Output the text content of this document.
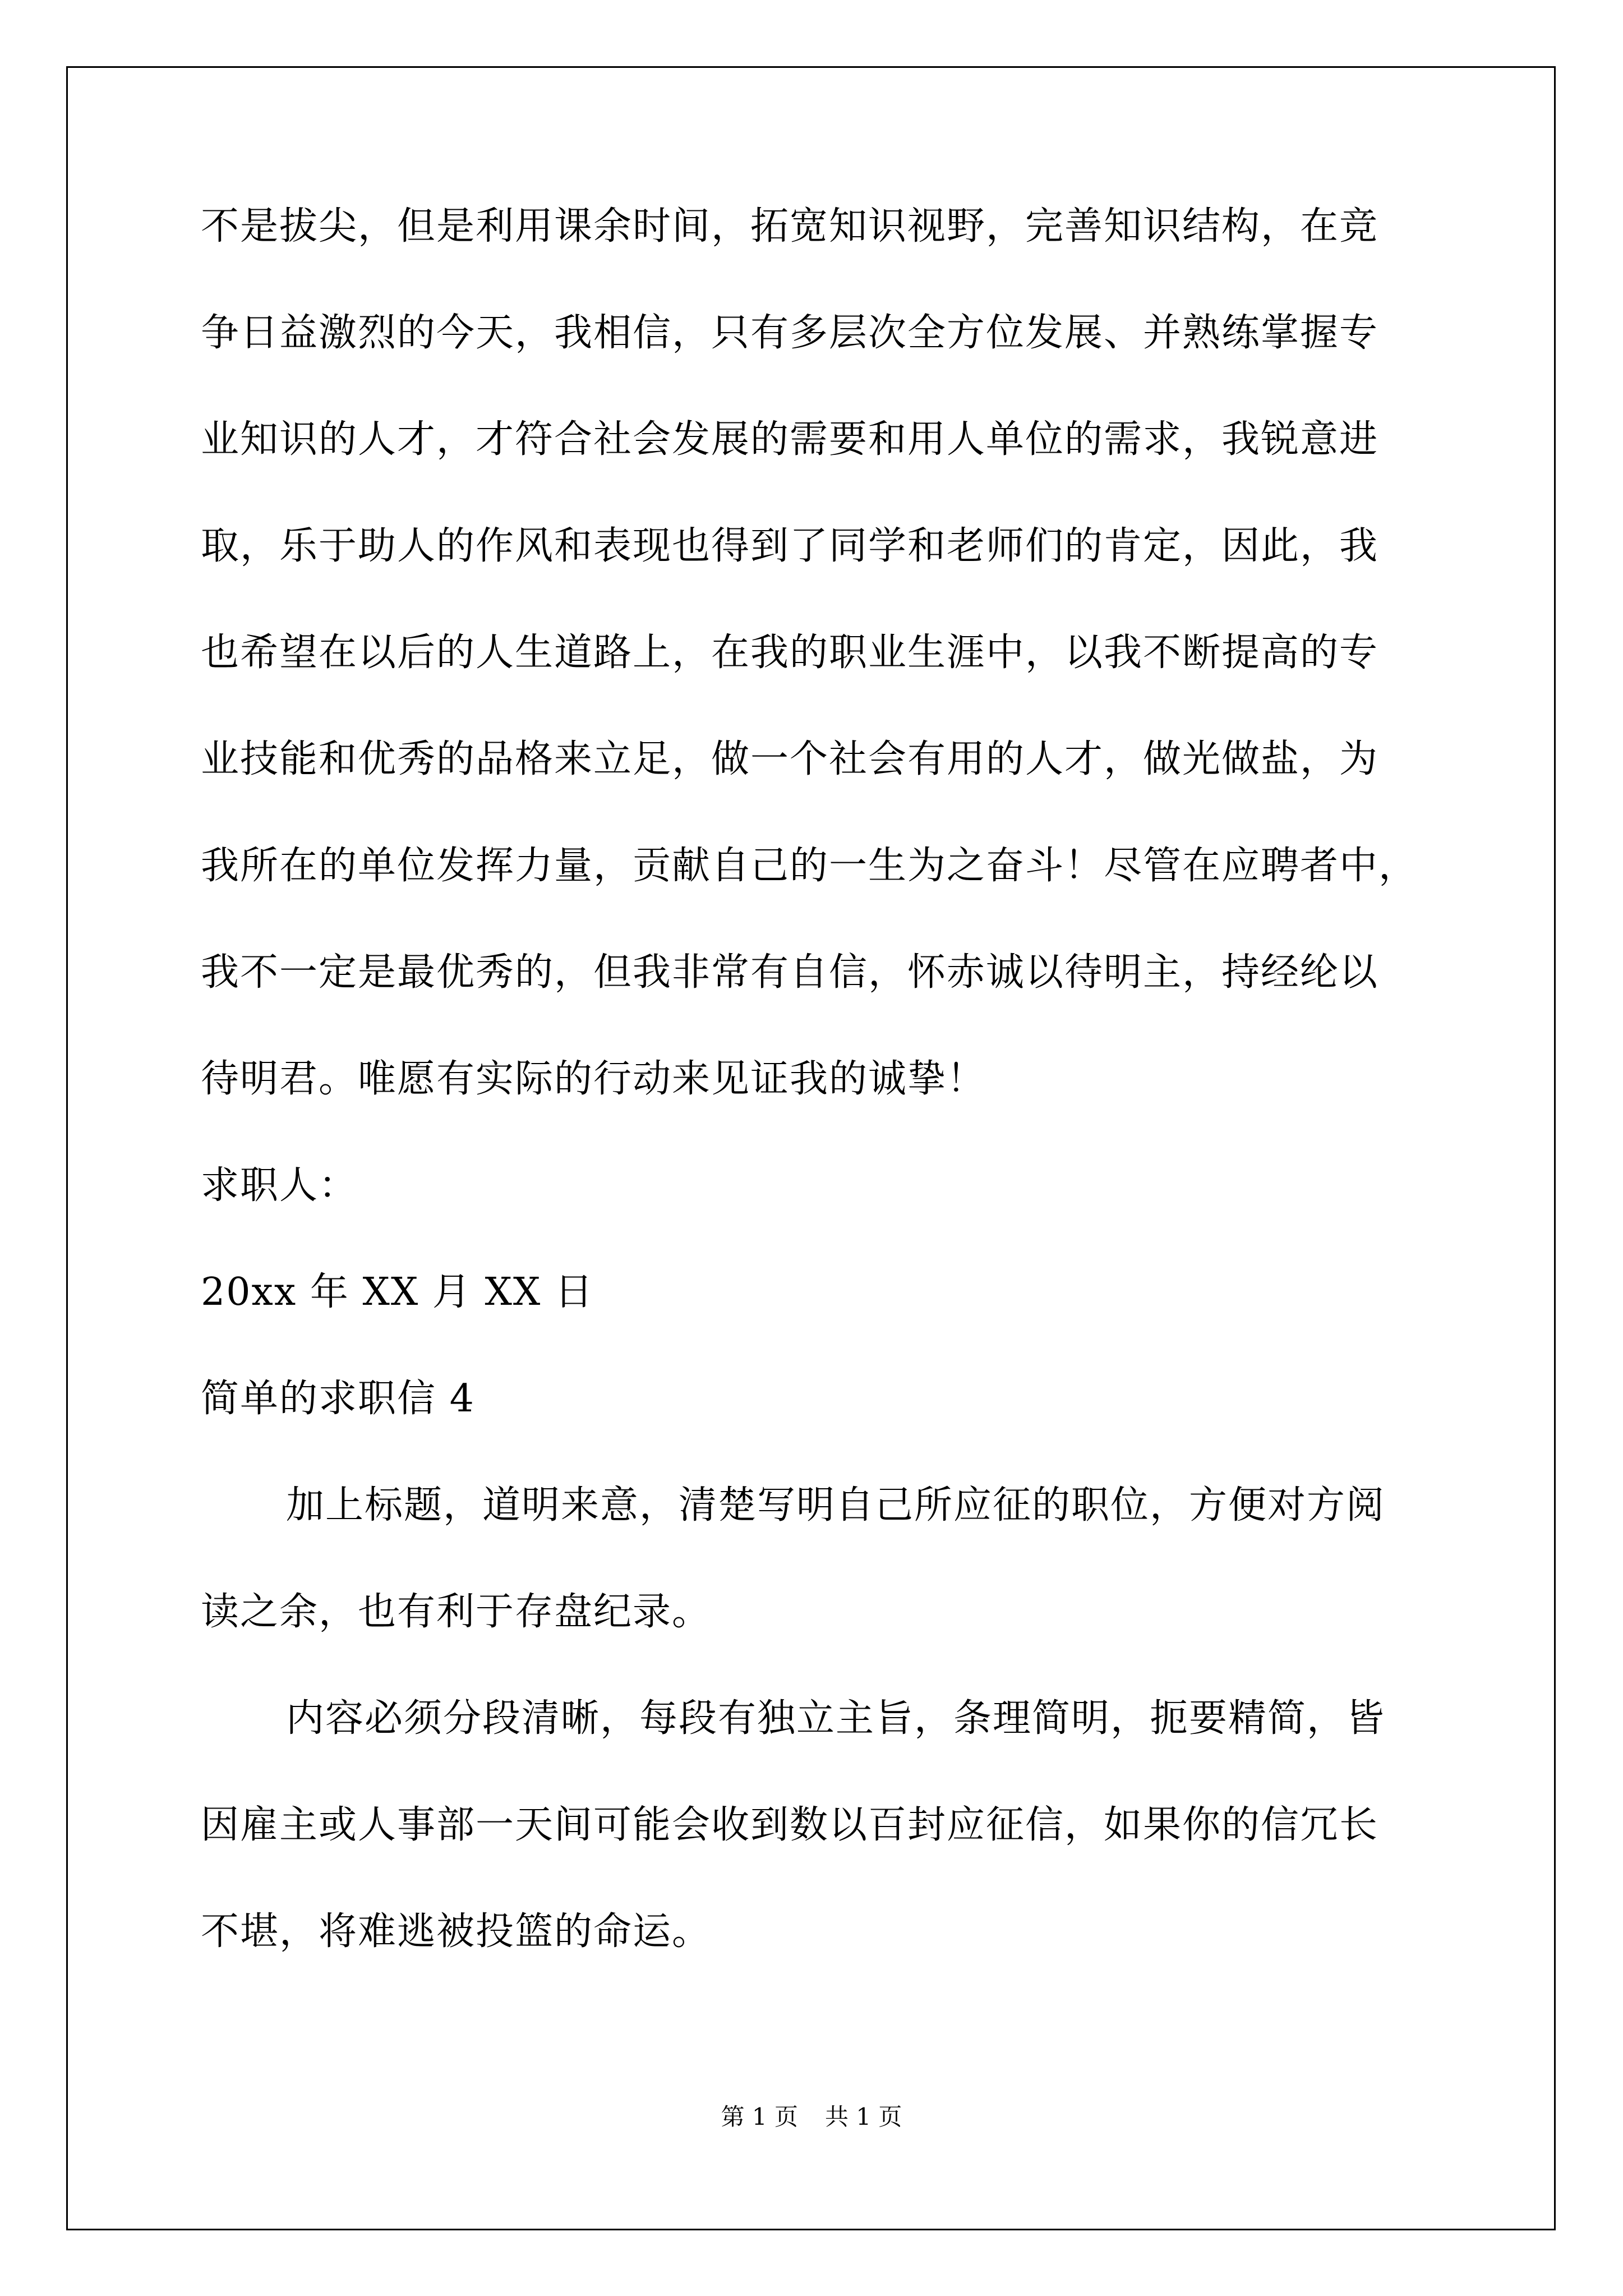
不是拔尖，但是利用课余时间，拓宽知识视野，完善知识结构，在竞
争日益激烈的今天，我相信，只有多层次全方位发展、并熟练掌握专
业知识的人才，才符合社会发展的需要和用人单位的需求，我锐意进
取，乐于助人的作风和表现也得到了同学和老师们的肯定，因此，我
也希望在以后的人生道路上，在我的职业生涯中，以我不断提高的专
业技能和优秀的品格来立足，做一个社会有用的人才，做光做盐，为
我所在的单位发挥力量，贡献自己的一生为之奋斗！尽管在应聘者中，
我不一定是最优秀的，但我非常有自信，怀赤诚以待明主，持经纶以
待明君。唯愿有实际的行动来见证我的诚挚！
求职人：
20xx 年 XX 月 XX 日
简单的求职信 4
加上标题，道明来意，清楚写明自己所应征的职位，方便对方阅
读之余，也有利于存盘纪录。
内容必须分段清晰，每段有独立主旨，条理简明，扼要精简，皆
因雇主或人事部一天间可能会收到数以百封应征信，如果你的信冗长
不堪，将难逃被投篮的命运。
第 1 页 共 1 页
